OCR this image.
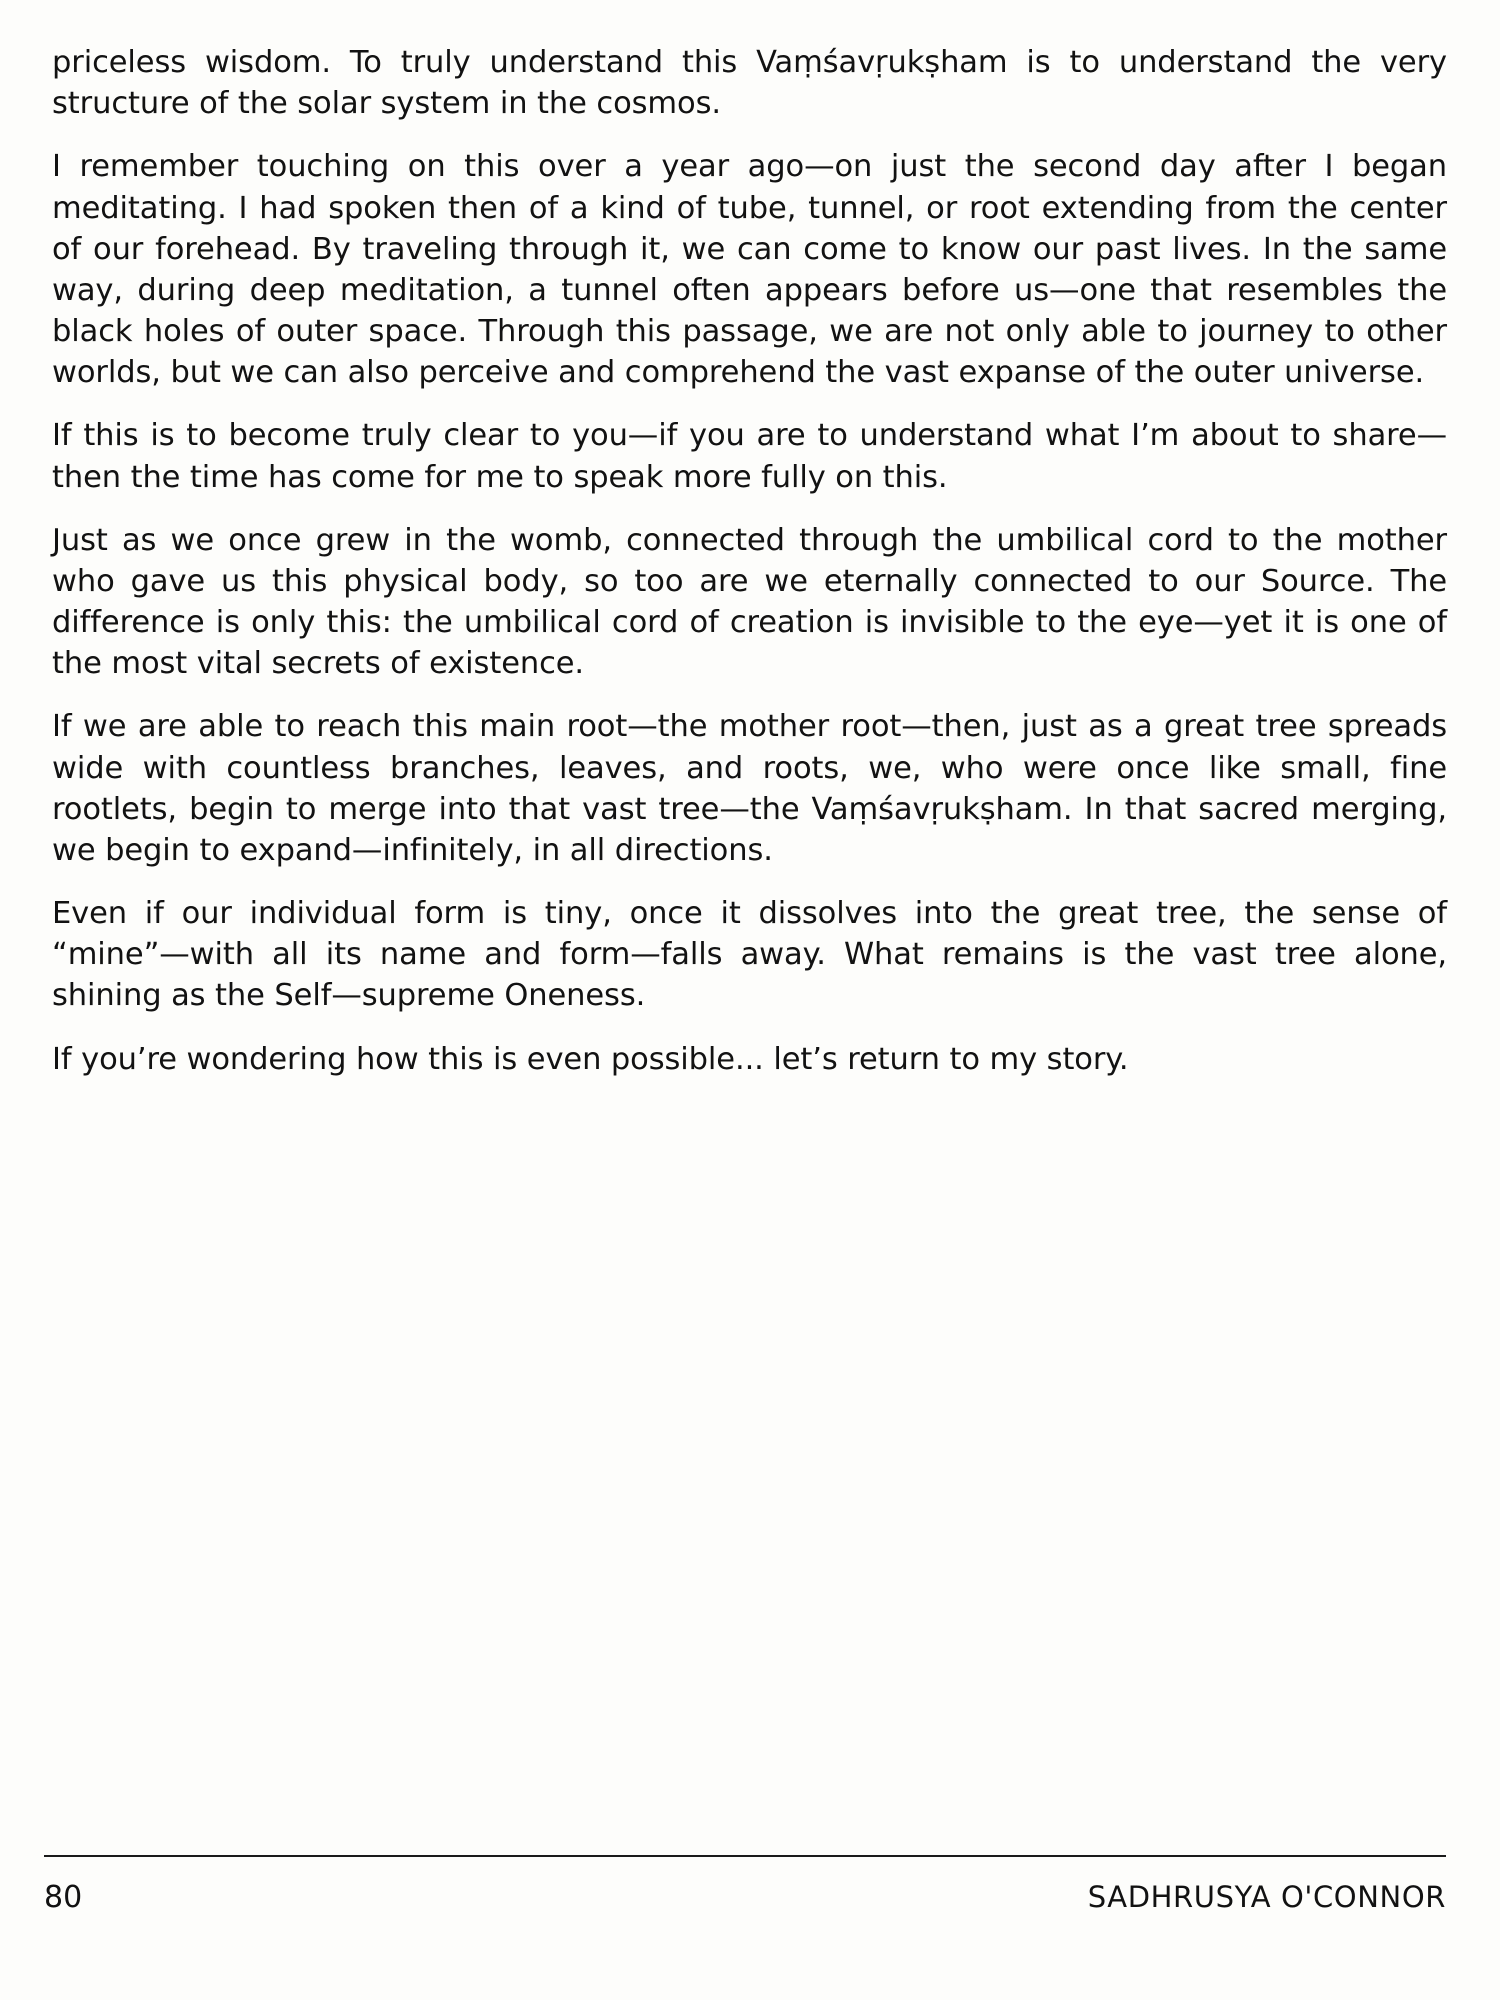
priceless wisdom. To truly understand this Vaṃśavṛukṣham is to understand the very structure of the solar system in the cosmos.

I remember touching on this over a year ago—on just the second day after I began meditating. I had spoken then of a kind of tube, tunnel, or root extending from the center of our forehead. By traveling through it, we can come to know our past lives. In the same way, during deep meditation, a tunnel often appears before us—one that resembles the black holes of outer space. Through this passage, we are not only able to journey to other worlds, but we can also perceive and comprehend the vast expanse of the outer universe.

If this is to become truly clear to you—if you are to understand what I’m about to share—then the time has come for me to speak more fully on this.

Just as we once grew in the womb, connected through the umbilical cord to the mother who gave us this physical body, so too are we eternally connected to our Source. The difference is only this: the umbilical cord of creation is invisible to the eye—yet it is one of the most vital secrets of existence.

If we are able to reach this main root—the mother root—then, just as a great tree spreads wide with countless branches, leaves, and roots, we, who were once like small, fine rootlets, begin to merge into that vast tree—the Vaṃśavṛukṣham. In that sacred merging, we begin to expand—infinitely, in all directions.

Even if our individual form is tiny, once it dissolves into the great tree, the sense of “mine”—with all its name and form—falls away. What remains is the vast tree alone, shining as the Self—supreme Oneness.

If you’re wondering how this is even possible... let’s return to my story.

80	SADHRUSYA O'CONNOR
